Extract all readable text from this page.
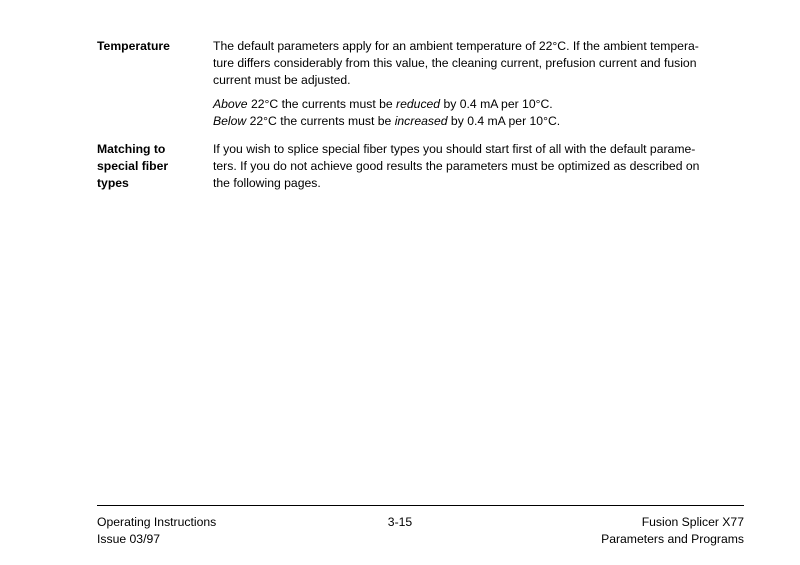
Temperature	The default parameters apply for an ambient temperature of 22°C. If the ambient tempera-
ture differs considerably from this value, the cleaning current, prefusion current and fusion
current must be adjusted.

Above 22°C the currents must be reduced by 0.4 mA per 10°C.
Below 22°C the currents must be increased by 0.4 mA per 10°C.

Matching to
special fiber
types

If you wish to splice special fiber types you should start first of all with the default parame-
ters. If you do not achieve good results the parameters must be optimized as described on
the following pages.

Operating Instructions
Issue 03/97
3-15	Fusion Splicer X77
Parameters and Programs
